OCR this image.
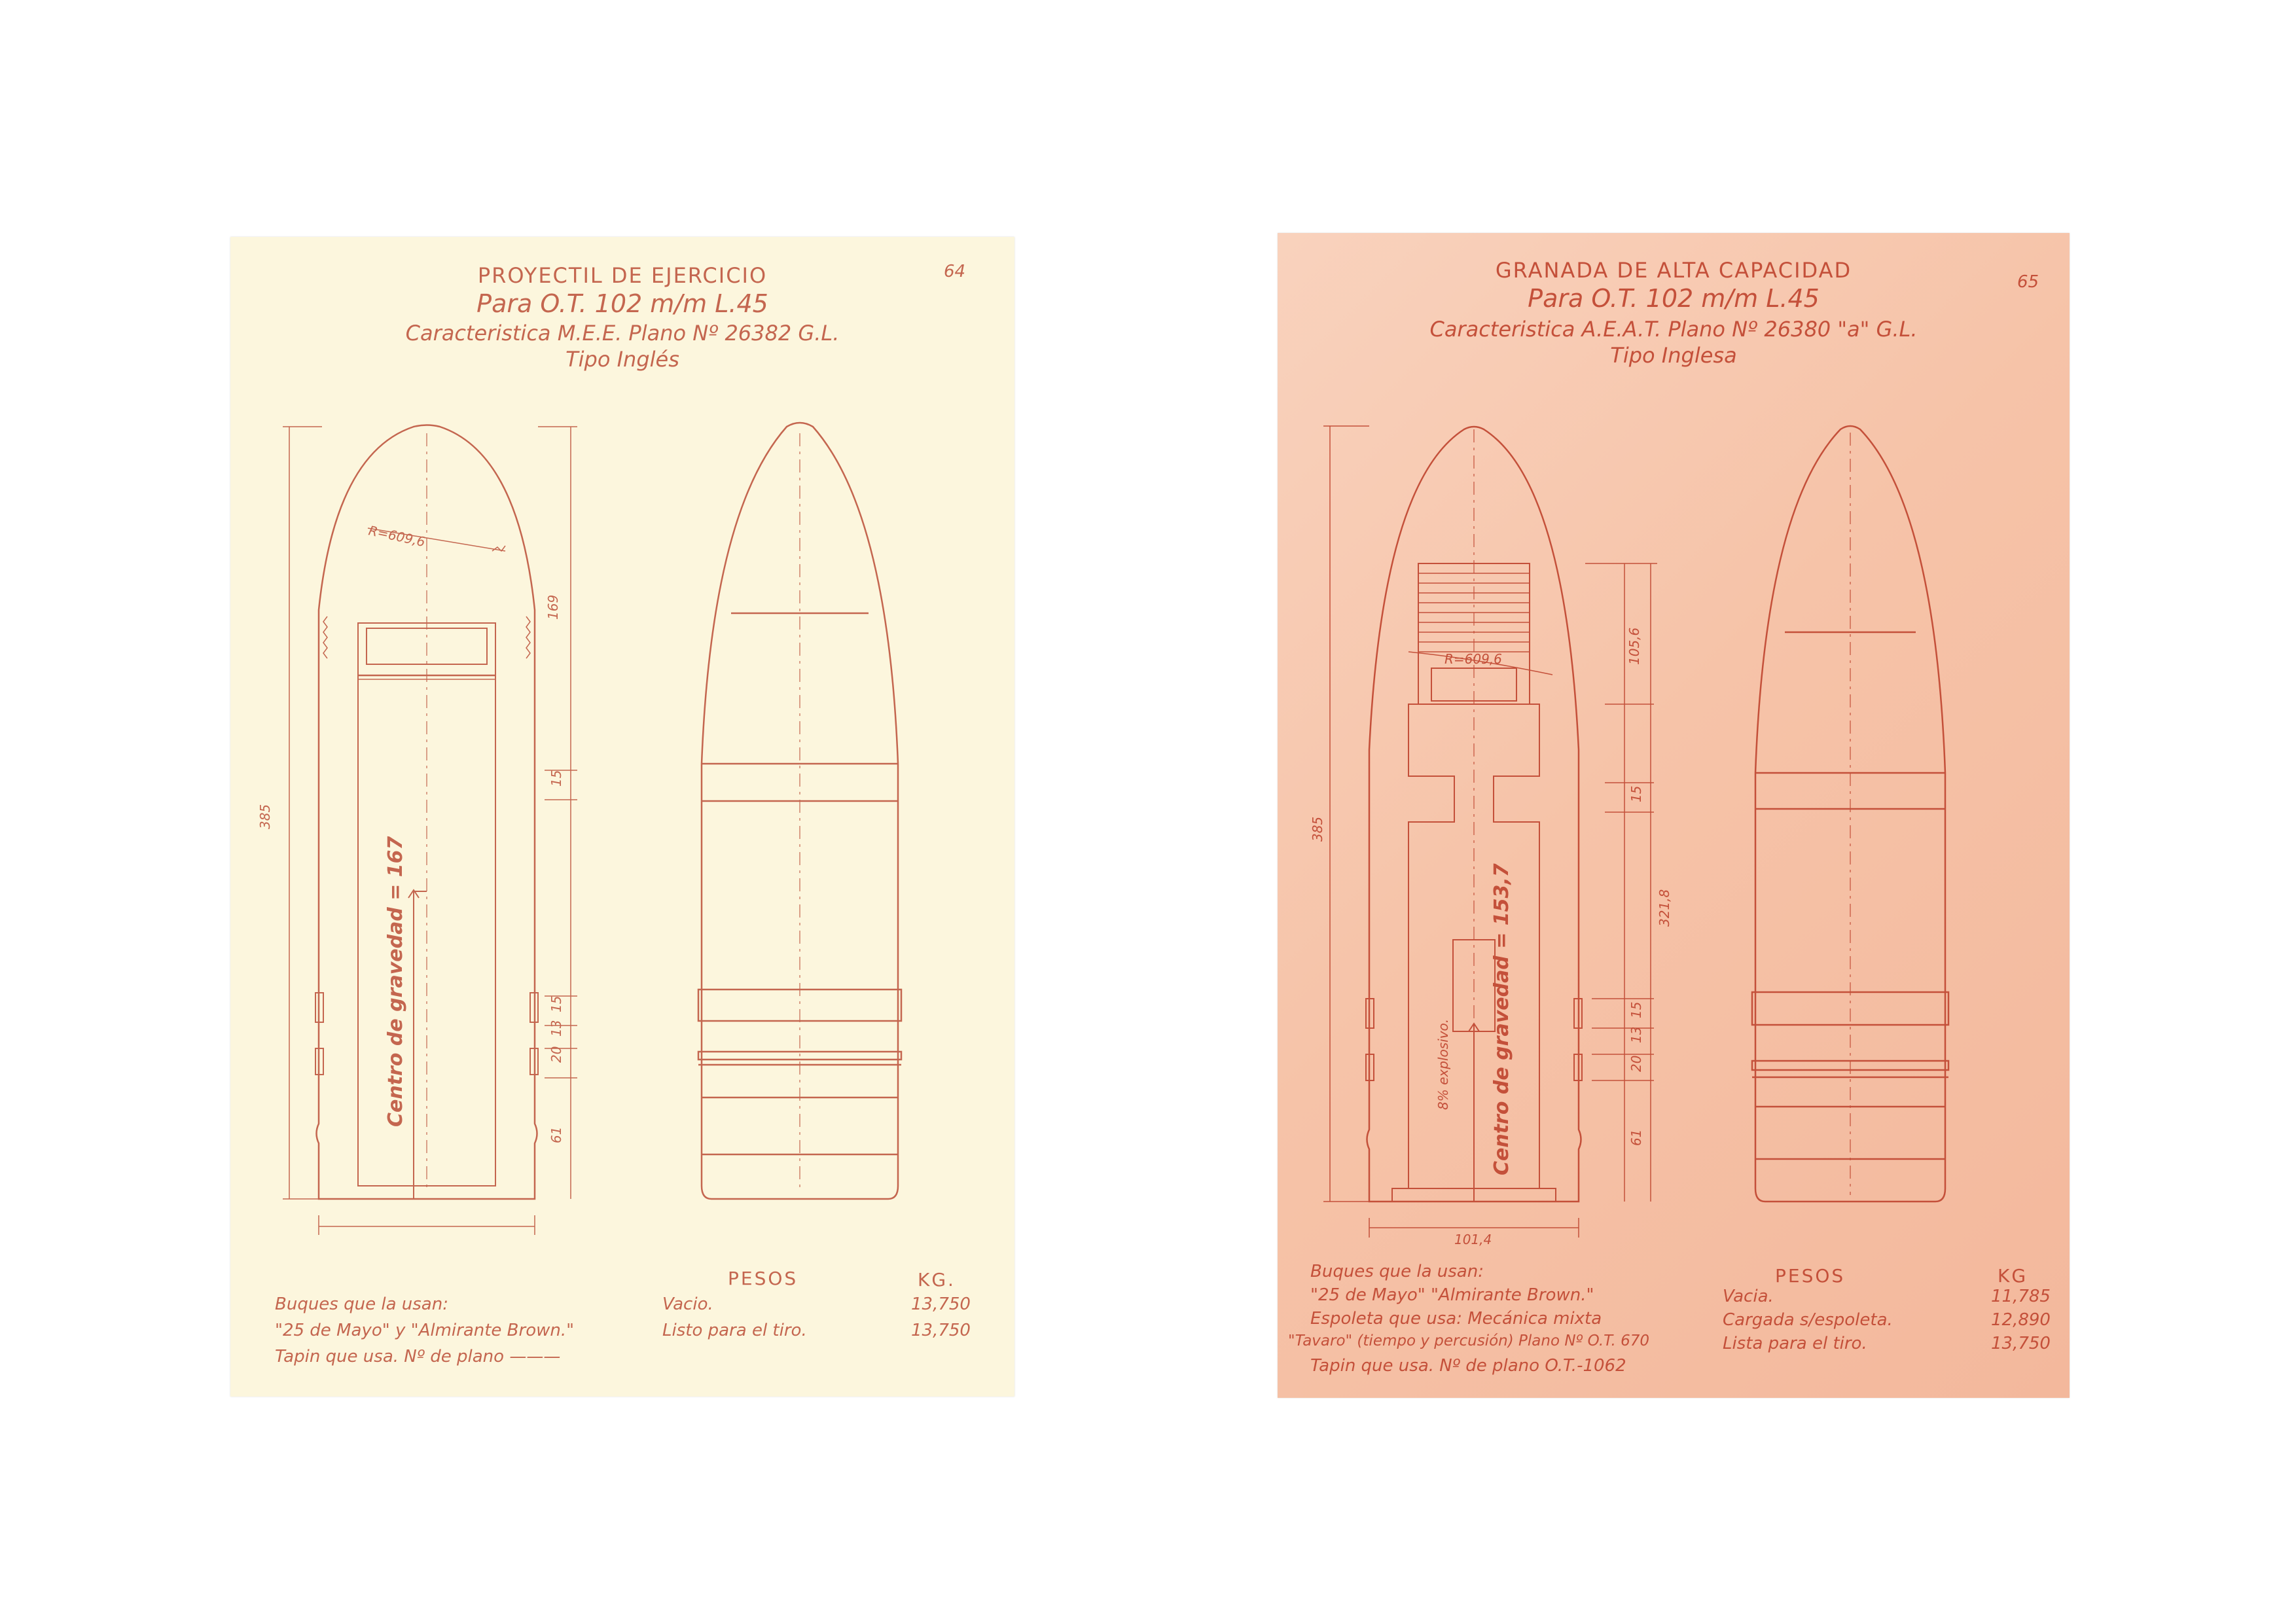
64
PROYECTIL DE EJERCICIO
Para O.T. 102 m/m L.45
Caracteristica M.E.E. Plano Nº 26382 G.L.
Tipo Inglés
385
R=609,6
169
15
15
13
20
61
Centro de gravedad = 167
PESOS	KG.
Buques que la usan:
"25 de Mayo" y "Almirante Brown."
Tapin que usa. Nº de plano ———
Vacio.	13,750
Listo para el tiro.	13,750
65
GRANADA DE ALTA CAPACIDAD
Para O.T. 102 m/m L.45
Caracteristica A.E.A.T. Plano Nº 26380 "a" G.L.
Tipo Inglesa
385
R=609,6	105,6
15
321,8
15
13
20
61
101,4
8% explosivo. Centro de gravedad = 153,7
PESOS	KG
Buques que la usan:
"25 de Mayo" "Almirante Brown."
Espoleta que usa: Mecánica mixta
"Tavaro" (tiempo y percusión) Plano Nº O.T. 670
Tapin que usa. Nº de plano O.T.-1062
Vacia.	11,785
Cargada s/espoleta.	12,890
Lista para el tiro.	13,750
